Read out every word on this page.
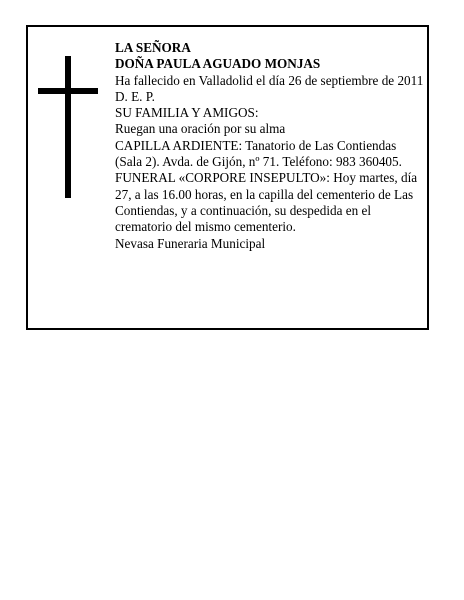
LA SEÑORA
DOÑA PAULA AGUADO MONJAS
Ha fallecido en Valladolid el día 26 de septiembre de 2011
D. E. P.
SU FAMILIA Y AMIGOS:
Ruegan una oración por su alma
CAPILLA ARDIENTE: Tanatorio de Las Contiendas (Sala 2). Avda. de Gijón, nº 71. Teléfono: 983 360405.
FUNERAL «CORPORE INSEPULTO»: Hoy martes, día 27, a las 16.00 horas, en la capilla del cementerio de Las Contiendas, y a continuación, su despedida en el crematorio del mismo cementerio.
Nevasa Funeraria Municipal
